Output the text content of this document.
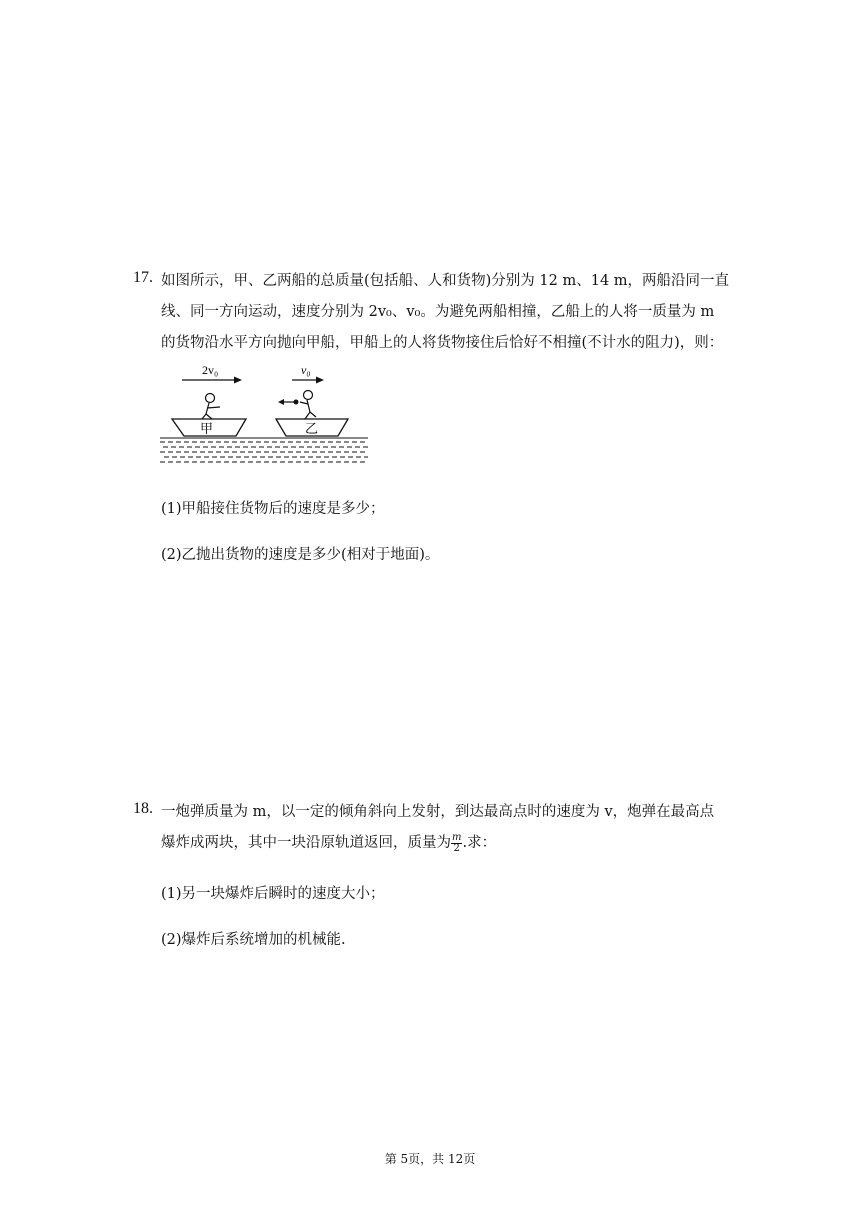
17. 如图所示，甲、乙两船的总质量(包括船、人和货物)分别为 12 m、14 m，两船沿同一直
线、同一方向运动，速度分别为 2v₀、v₀。为避免两船相撞，乙船上的人将一质量为 m
的货物沿水平方向抛向甲船，甲船上的人将货物接住后恰好不相撞(不计水的阻力)，则：
2v₀	v₀
甲	乙
(1)甲船接住货物后的速度是多少；
(2)乙抛出货物的速度是多少(相对于地面)。
18. 一炮弹质量为 m，以一定的倾角斜向上发射，到达最高点时的速度为 v，炮弹在最高点
爆炸成两块，其中一块沿原轨道返回，质量为 $\frac{m}{2}$ .求：
(1)另一块爆炸后瞬时的速度大小；
(2)爆炸后系统增加的机械能.
第 5页，共 12页
